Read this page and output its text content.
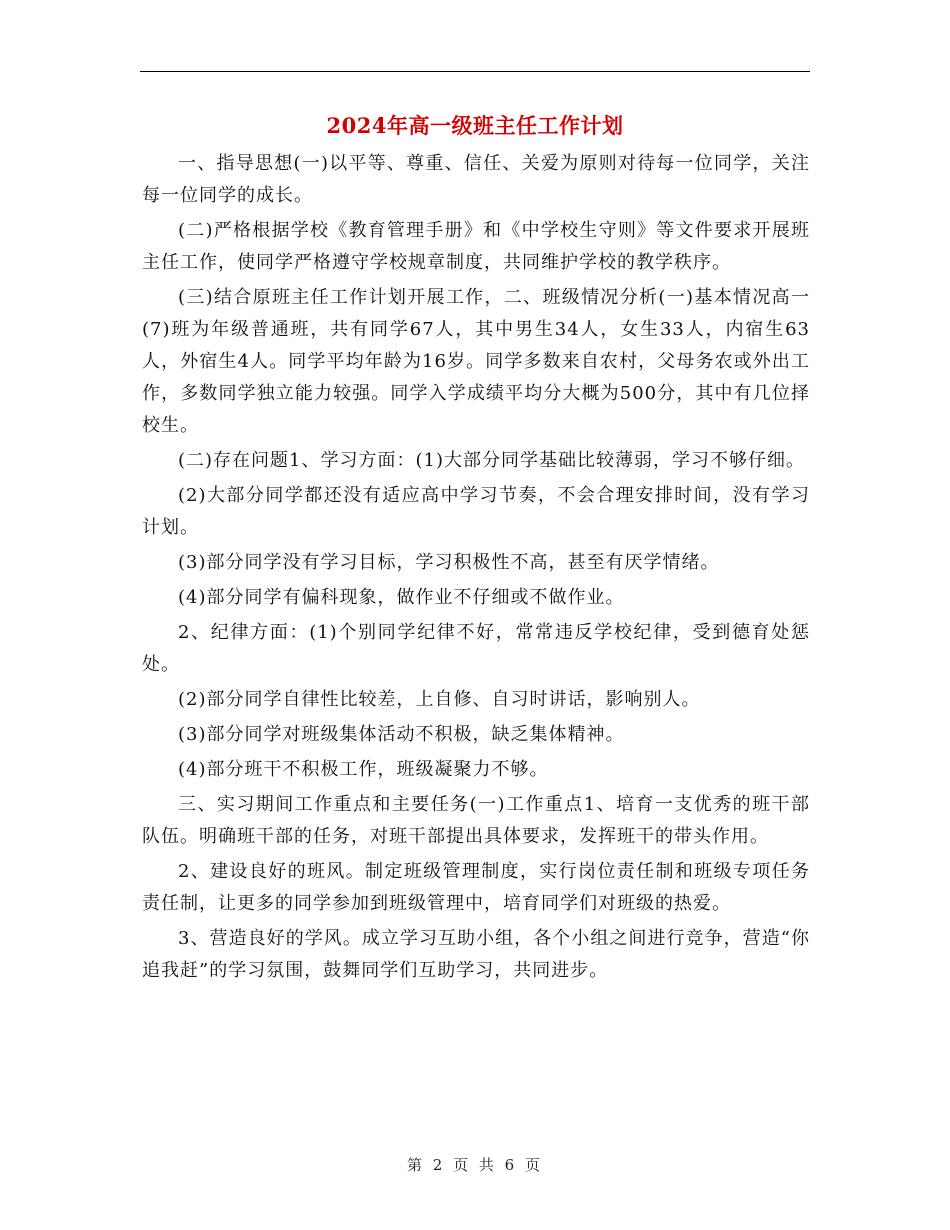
2024年高一级班主任工作计划

一、指导思想(一)以平等、尊重、信任、关爱为原则对待每一位同学，关注每一位同学的成长。

(二)严格根据学校《教育管理手册》和《中学校生守则》等文件要求开展班主任工作，使同学严格遵守学校规章制度，共同维护学校的教学秩序。

(三)结合原班主任工作计划开展工作，二、班级情况分析(一)基本情况高一(7)班为年级普通班，共有同学67人，其中男生34人，女生33人，内宿生63人，外宿生4人。同学平均年龄为16岁。同学多数来自农村，父母务农或外出工作，多数同学独立能力较强。同学入学成绩平均分大概为500分，其中有几位择校生。

(二)存在问题1、学习方面：(1)大部分同学基础比较薄弱，学习不够仔细。

(2)大部分同学都还没有适应高中学习节奏，不会合理安排时间，没有学习计划。

(3)部分同学没有学习目标，学习积极性不高，甚至有厌学情绪。

(4)部分同学有偏科现象，做作业不仔细或不做作业。

2、纪律方面：(1)个别同学纪律不好，常常违反学校纪律，受到德育处惩处。

(2)部分同学自律性比较差，上自修、自习时讲话，影响别人。

(3)部分同学对班级集体活动不积极，缺乏集体精神。

(4)部分班干不积极工作，班级凝聚力不够。

三、实习期间工作重点和主要任务(一)工作重点1、培育一支优秀的班干部队伍。明确班干部的任务，对班干部提出具体要求，发挥班干的带头作用。

2、建设良好的班风。制定班级管理制度，实行岗位责任制和班级专项任务责任制，让更多的同学参加到班级管理中，培育同学们对班级的热爱。

3、营造良好的学风。成立学习互助小组，各个小组之间进行竞争，营造“你追我赶”的学习氛围，鼓舞同学们互助学习，共同进步。

第 2 页 共 6 页
